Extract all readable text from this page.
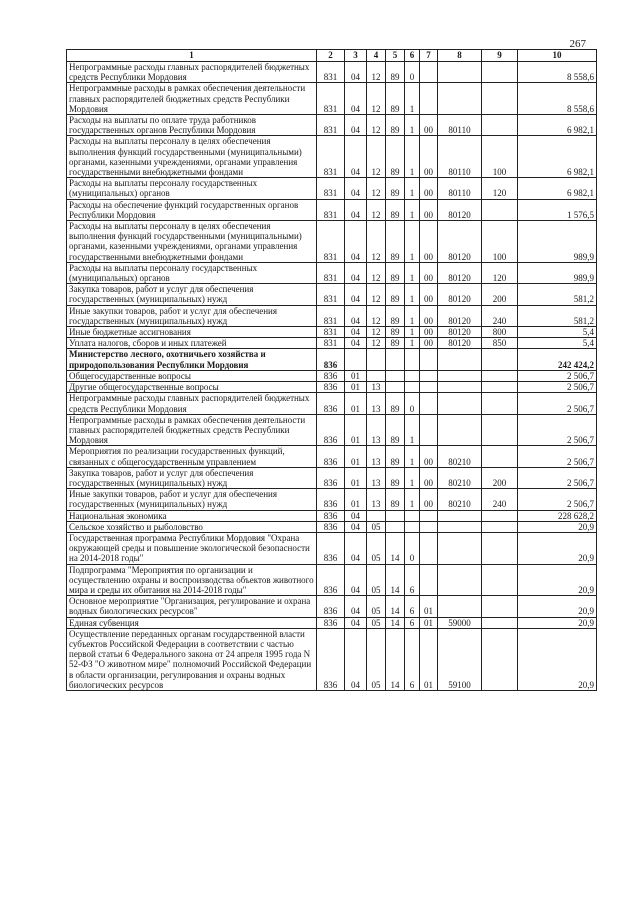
267
1	2	3	4	5	6	7	8	9	10
Непрограммные расходы главных распорядителей бюджетных средств Республики Мордовия	831	04	12	89	0				8 558,6
Непрограммные расходы в рамках обеспечения деятельности главных распорядителей бюджетных средств Республики Мордовия	831	04	12	89	1				8 558,6
Расходы на выплаты по оплате труда работников государственных органов Республики Мордовия	831	04	12	89	1	00	80110		6 982,1
Расходы на выплаты персоналу в целях обеспечения выполнения функций государственными (муниципальными) органами, казенными учреждениями, органами управления государственными внебюджетными фондами	831	04	12	89	1	00	80110	100	6 982,1
Расходы на выплаты персоналу государственных (муниципальных) органов	831	04	12	89	1	00	80110	120	6 982,1
Расходы на обеспечение функций государственных органов Республики Мордовия	831	04	12	89	1	00	80120		1 576,5
Расходы на выплаты персоналу в целях обеспечения выполнения функций государственными (муниципальными) органами, казенными учреждениями, органами управления государственными внебюджетными фондами	831	04	12	89	1	00	80120	100	989,9
Расходы на выплаты персоналу государственных (муниципальных) органов	831	04	12	89	1	00	80120	120	989,9
Закупка товаров, работ и услуг для обеспечения государственных (муниципальных) нужд	831	04	12	89	1	00	80120	200	581,2
Иные закупки товаров, работ и услуг для обеспечения государственных (муниципальных) нужд	831	04	12	89	1	00	80120	240	581,2
Иные бюджетные ассигнования	831	04	12	89	1	00	80120	800	5,4
Уплата налогов, сборов и иных платежей	831	04	12	89	1	00	80120	850	5,4
Министерство лесного, охотничьего хозяйства и природопользования Республики Мордовия	836								242 424,2
Общегосударственные вопросы	836	01							2 506,7
Другие общегосударственные вопросы	836	01	13						2 506,7
Непрограммные расходы главных распорядителей бюджетных средств Республики Мордовия	836	01	13	89	0				2 506,7
Непрограммные расходы в рамках обеспечения деятельности главных распорядителей бюджетных средств Республики Мордовия	836	01	13	89	1				2 506,7
Мероприятия по реализации государственных функций, связанных с общегосударственным управлением	836	01	13	89	1	00	80210		2 506,7
Закупка товаров, работ и услуг для обеспечения государственных (муниципальных) нужд	836	01	13	89	1	00	80210	200	2 506,7
Иные закупки товаров, работ и услуг для обеспечения государственных (муниципальных) нужд	836	01	13	89	1	00	80210	240	2 506,7
Национальная экономика	836	04							228 628,2
Сельское хозяйство и рыболовство	836	04	05						20,9
Государственная программа Республики Мордовия "Охрана окружающей среды и повышение экологической безопасности на 2014-2018 годы"	836	04	05	14	0				20,9
Подпрограмма "Мероприятия по организации и осуществлению охраны и воспроизводства объектов животного мира и среды их обитания на 2014-2018 годы"	836	04	05	14	6				20,9
Основное мероприятие "Организация, регулирование и охрана водных биологических ресурсов"	836	04	05	14	6	01			20,9
Единая субвенция	836	04	05	14	6	01	59000		20,9
Осуществление переданных органам государственной власти субъектов Российской Федерации в соответствии с частью первой статьи 6 Федерального закона от 24 апреля 1995 года N 52-ФЗ "О животном мире" полномочий Российской Федерации в области организации, регулирования и охраны водных биологических ресурсов	836	04	05	14	6	01	59100		20,9
